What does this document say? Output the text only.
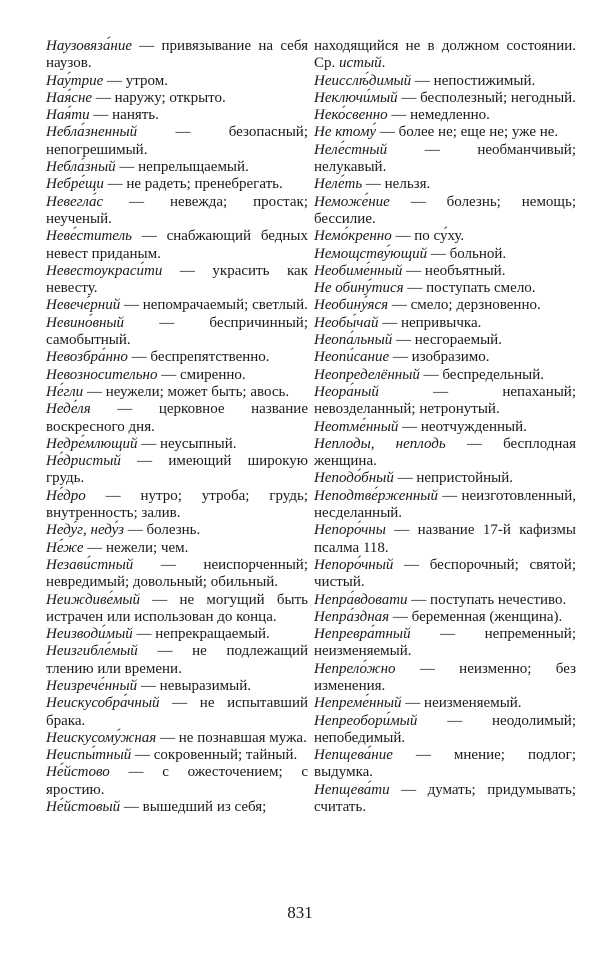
Наузовяза́ние — привязывание на себя наузов.

Нау́трие — утром.

Ная́сне — наружу; открыто.

Ная́ти — нанять.

Небла́зненный — безопасный; непогрешимый.

Небла́зный — непрелыщаемый.

Небре́щи — не радеть; пренебрегать.

Невегла́с — невежда; простак; неученый.

Неве́ститель — снабжающий бедных невест приданым.

Невестоукраси́ти — украсить как невесту.

Невече́рний — непомрачаемый; светлый.

Невино́вный — беспричинный; самобытный.

Невозбра́нно — беспрепятственно.

Невозносительно — смиренно.

Не́гли — неужели; может быть; авось.

Неде́ля — церковное название воскресного дня.

Недре́млющий — неусыпный.

Не́дристый — имеющий широкую грудь.

Не́дро — нутро; утроба; грудь; внутренность; залив.

Неду́г, неду́з — болезнь.

Не́же — нежели; чем.

Незави́стный — неиспорченный; невредимый; довольный; обильный.

Неиждиве́мый — не могущий быть истрачен или использован до конца.

Неизводи́мый — непрекращаемый.

Неизгибле́мый — не подлежащий тлению или времени.

Неизрече́нный — невыразимый.

Неискусобра́чный — не испытавший брака.

Неискусому́жная — не познавшая мужа.

Неиспы́тный — сокровенный; тайный.

Не́йстово — с ожесточением; с яростию.

Не́йстовый — вышедший из себя;

находящийся не в должном состоянии. Ср. истый.

Неисслѣ́димый — непостижимый.

Неключи́мый — бесполезный; негодный.

Неко́свенно — немедленно.

Не ктому́ — более не; еще не; уже не.

Неле́стный — необманчивый; нелукавый.

Неле́ть — нельзя.

Неможе́ние — болезнь; немощь; бессилие.

Немо́кренно — по су́ху.

Немощству́ющий — больной.

Необиме́нный — необъятный.

Не обину́тися — поступать смело.

Необину́яся — смело; дерзновенно.

Необы́чай — непривычка.

Неопа́льный — несгораемый.

Неопи́сание — изобразимо.

Неопределённый — беспредельный.

Неора́ный — непаханый; невозделанный; нетронутый.

Неотме́нный — неотчужденный.

Неплоды, неплодь — бесплодная женщина.

Неподо́бный — непристойный.

Неподтве́рженный — неизготовленный, несделанный.

Непоро́чны — название 17-й кафизмы псалма 118.

Непоро́чный — беспорочный; святой; чистый.

Непра́вдовати — поступать нечестиво.

Непра́здная — беременная (женщина).

Непревра́тный — непременный; неизменяемый.

Непрело́жно — неизменно; без изменения.

Непреме́нный — неизменяемый.

Непреобори́мый — неодолимый; непобедимый.

Непщева́ние — мнение; подлог; выдумка.

Непщева́ти — думать; придумывать; считать.

831
